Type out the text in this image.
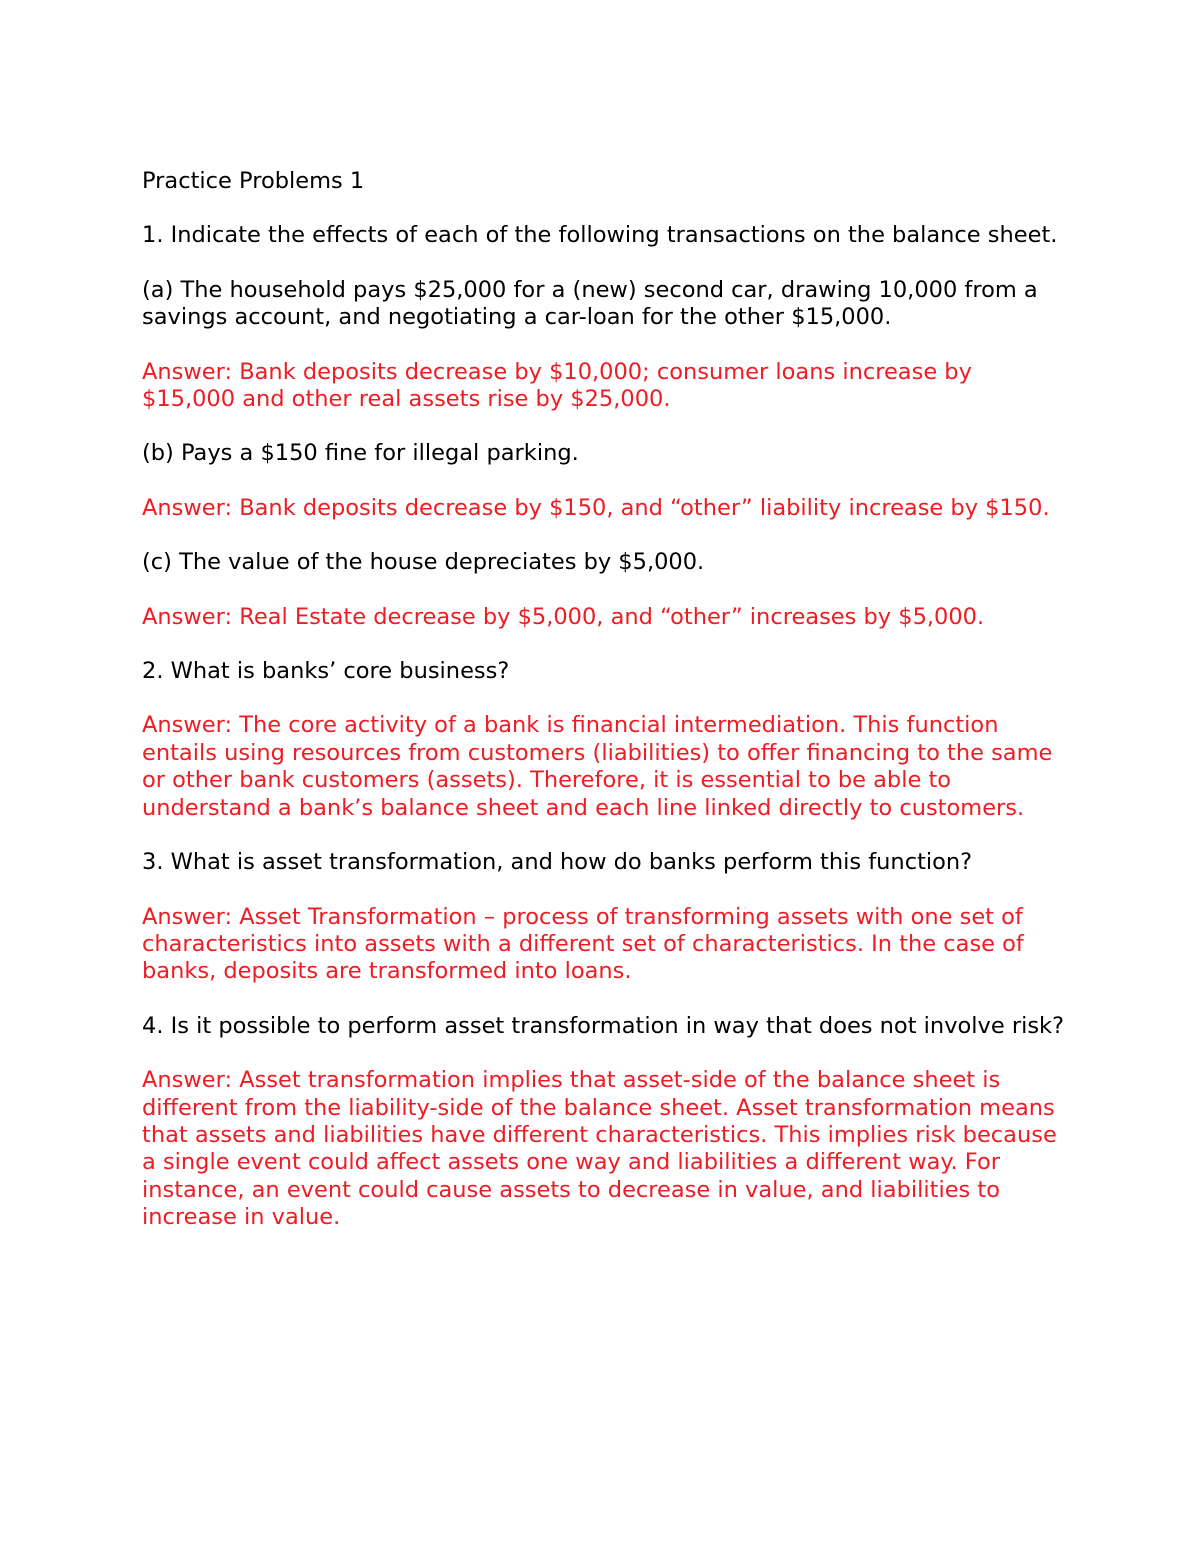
Practice Problems 1

1. Indicate the effects of each of the following transactions on the balance sheet.

(a) The household pays $25,000 for a (new) second car, drawing 10,000 from a savings account, and negotiating a car-loan for the other $15,000.

Answer: Bank deposits decrease by $10,000; consumer loans increase by $15,000 and other real assets rise by $25,000.

(b) Pays a $150 fine for illegal parking.

Answer: Bank deposits decrease by $150, and “other” liability increase by $150.

(c) The value of the house depreciates by $5,000.

Answer: Real Estate decrease by $5,000, and “other” increases by $5,000.

2. What is banks’ core business?

Answer: The core activity of a bank is financial intermediation. This function entails using resources from customers (liabilities) to offer financing to the same or other bank customers (assets). Therefore, it is essential to be able to understand a bank’s balance sheet and each line linked directly to customers.

3. What is asset transformation, and how do banks perform this function?

Answer: Asset Transformation – process of transforming assets with one set of characteristics into assets with a different set of characteristics. In the case of banks, deposits are transformed into loans.

4. Is it possible to perform asset transformation in way that does not involve risk?

Answer: Asset transformation implies that asset-side of the balance sheet is different from the liability-side of the balance sheet. Asset transformation means that assets and liabilities have different characteristics. This implies risk because a single event could affect assets one way and liabilities a different way. For instance, an event could cause assets to decrease in value, and liabilities to increase in value.
